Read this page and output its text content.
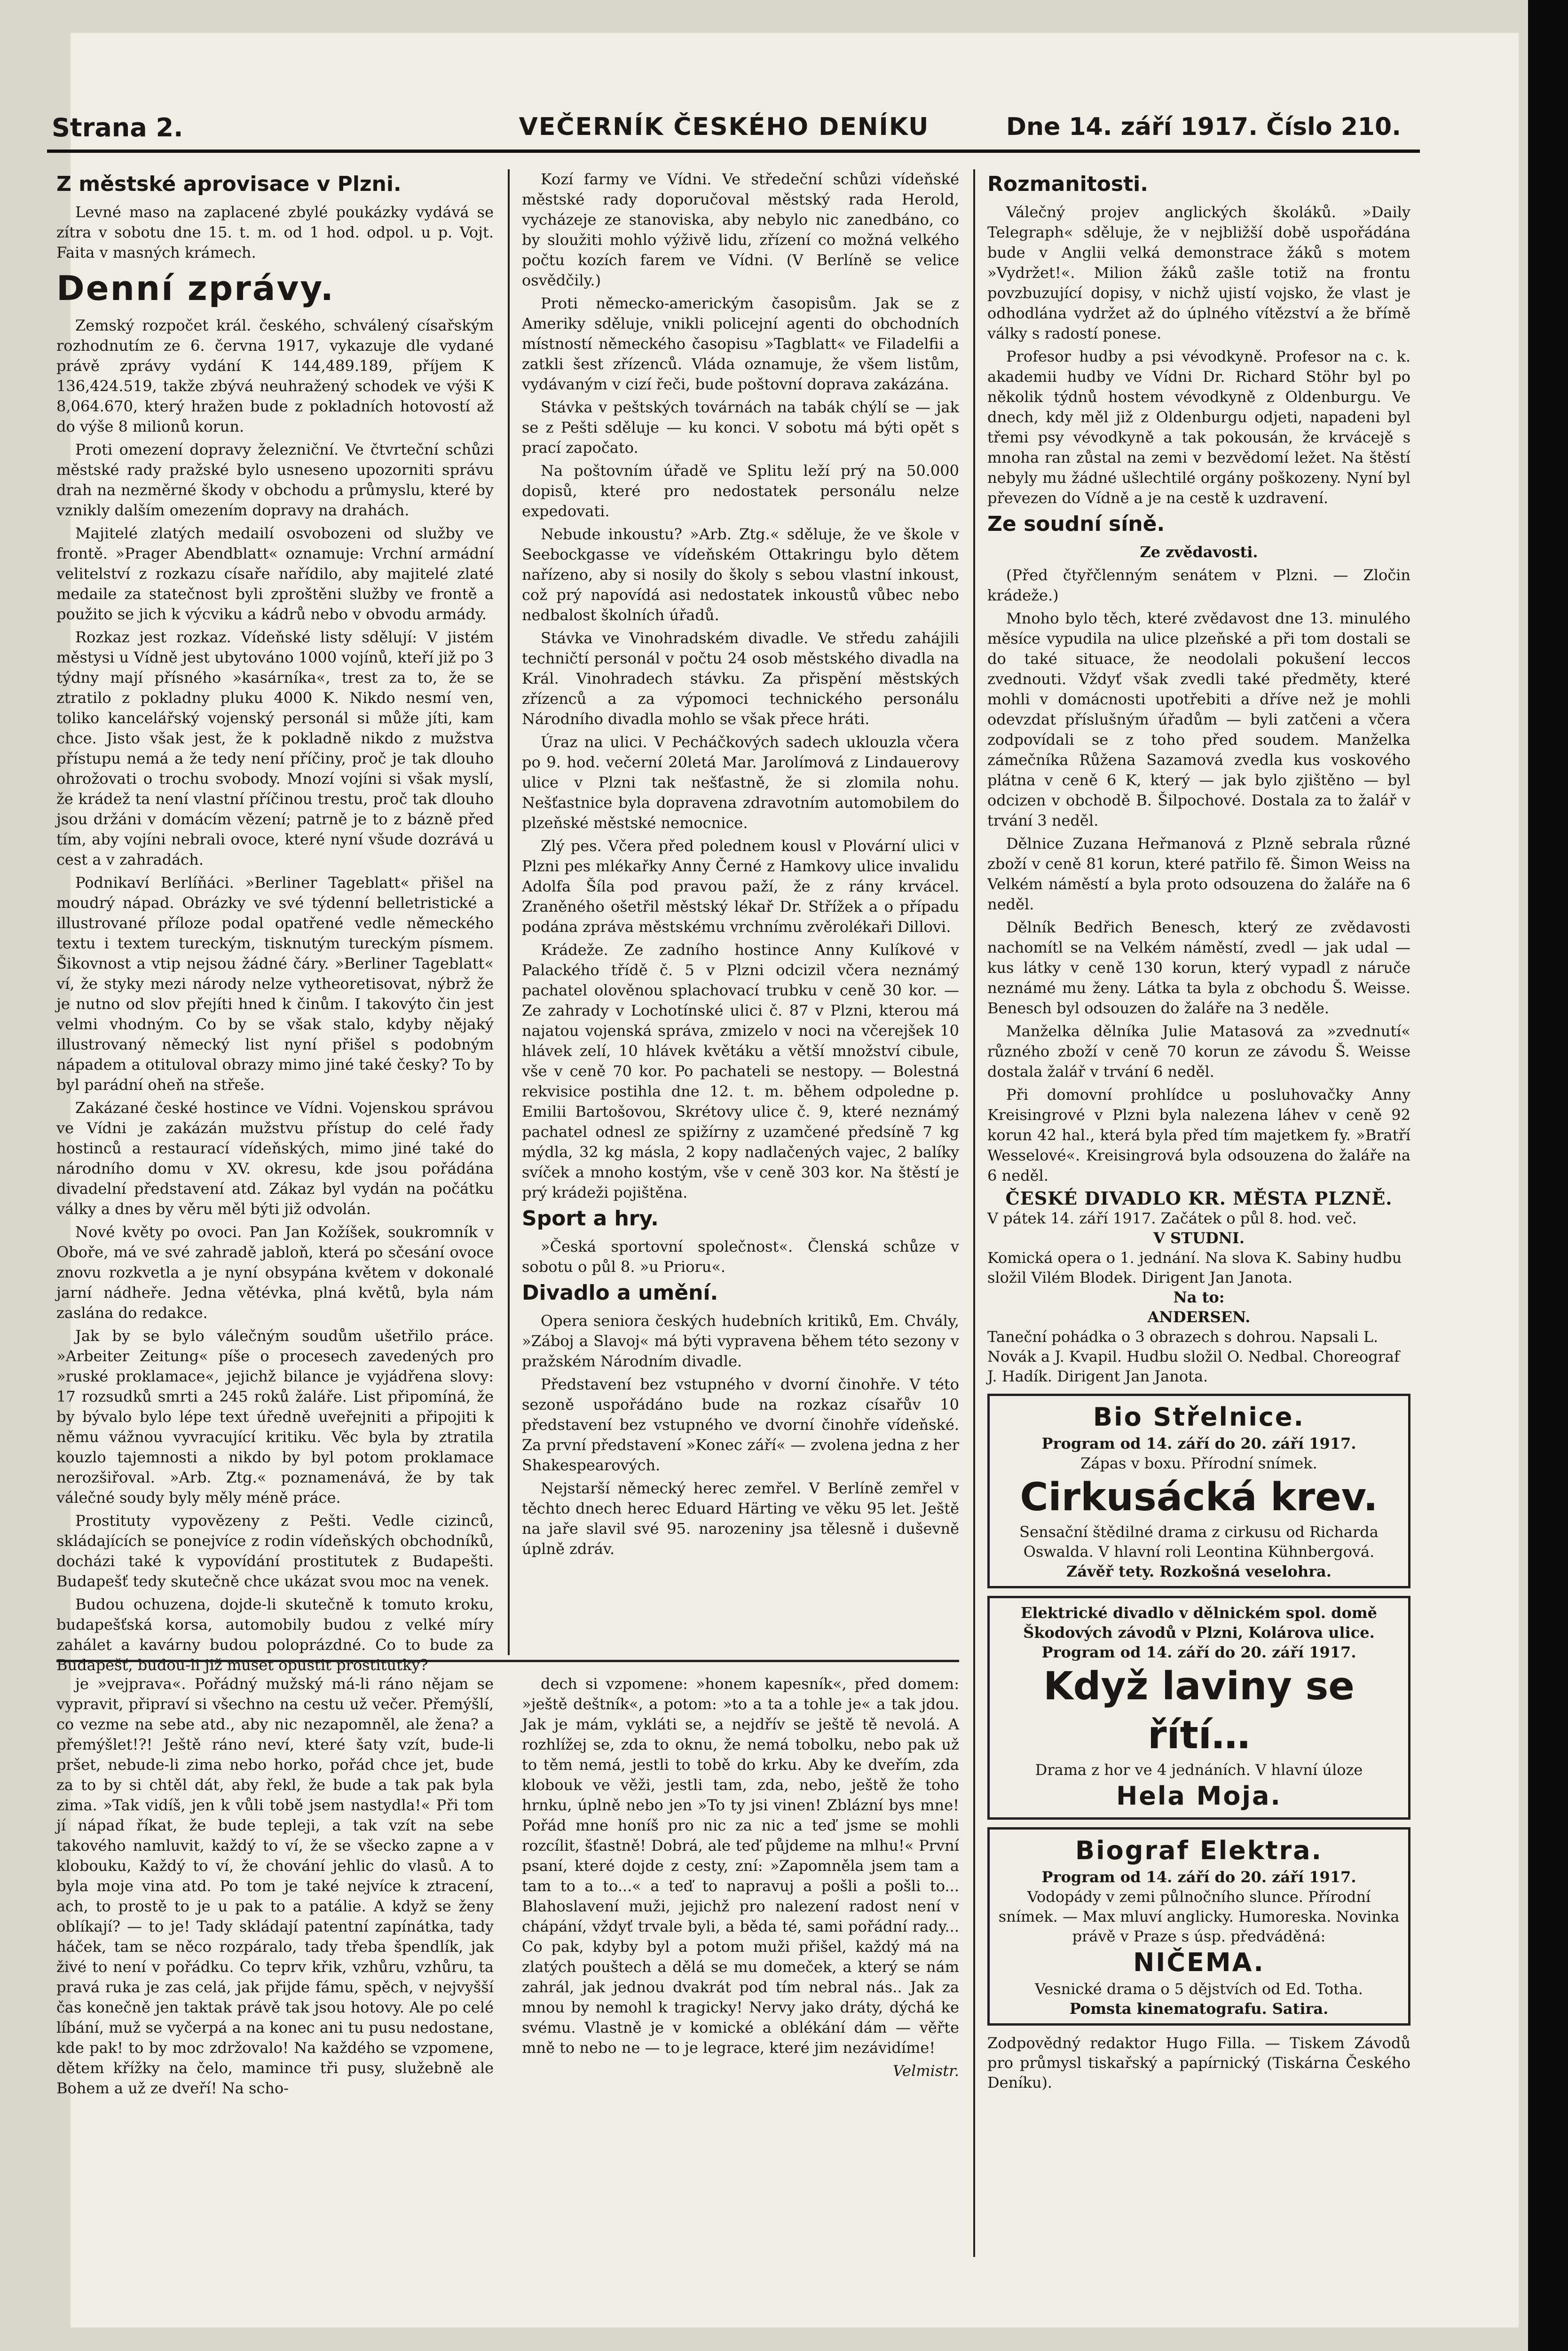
Strana 2.	VEČERNÍK ČESKÉHO DENÍKU	Dne 14. září 1917. Číslo 210.
Z městské aprovisace v Plzni.

Levné maso na zaplacené zbylé poukázky vydává se zítra v sobotu dne 15. t. m. od 1 hod. odpol. u p. Vojt. Faita v masných krámech.

Denní zprávy.

Zemský rozpočet král. českého, schválený císařským rozhodnutím ze 6. června 1917, vykazuje dle vydané právě zprávy vydání K 144,489.189, příjem K 136,424.519, takže zbývá neuhražený schodek ve výši K 8,064.670, který hražen bude z pokladních hotovostí až do výše 8 milionů korun.

Proti omezení dopravy železniční. Ve čtvrteční schůzi městské rady pražské bylo usneseno upozorniti správu drah na nezměrné škody v obchodu a průmyslu, které by vznikly dalším omezením dopravy na drahách.

Majitelé zlatých medailí osvobozeni od služby ve frontě. »Prager Abendblatt« oznamuje: Vrchní armádní velitelství z rozkazu císaře nařídilo, aby majitelé zlaté medaile za statečnost byli zproštěni služby ve frontě a použito se jich k výcviku a kádrů nebo v obvodu armády.

Rozkaz jest rozkaz. Vídeňské listy sdělují: V jistém městysi u Vídně jest ubytováno 1000 vojínů, kteří již po 3 týdny mají přísného »kasárníka«, trest za to, že se ztratilo z pokladny pluku 4000 K. Nikdo nesmí ven, toliko kancelářský vojenský personál si může jíti, kam chce. Jisto však jest, že k pokladně nikdo z mužstva přístupu nemá a že tedy není příčiny, proč je tak dlouho ohrožovati o trochu svobody. Mnozí vojíni si však myslí, že krádež ta není vlastní příčinou trestu, proč tak dlouho jsou držáni v domácím vězení; patrně je to z bázně před tím, aby vojíni nebrali ovoce, které nyní všude dozrává u cest a v zahradách.

Podnikaví Berlíňáci. »Berliner Tageblatt« přišel na moudrý nápad. Obrázky ve své týdenní belletristické a illustrované příloze podal opatřené vedle německého textu i textem tureckým, tisknutým tureckým písmem. Šikovnost a vtip nejsou žádné čáry. »Berliner Tageblatt« ví, že styky mezi národy nelze vytheoretisovat, nýbrž že je nutno od slov přejíti hned k činům. I takovýto čin jest velmi vhodným. Co by se však stalo, kdyby nějaký illustrovaný německý list nyní přišel s podobným nápadem a otituloval obrazy mimo jiné také česky? To by byl parádní oheň na střeše.

Zakázané české hostince ve Vídni. Vojenskou správou ve Vídni je zakázán mužstvu přístup do celé řady hostinců a restaurací vídeňských, mimo jiné také do národního domu v XV. okresu, kde jsou pořádána divadelní představení atd. Zákaz byl vydán na počátku války a dnes by věru měl býti již odvolán.

Nové květy po ovoci. Pan Jan Kožíšek, soukromník v Oboře, má ve své zahradě jabloň, která po sčesání ovoce znovu rozkvetla a je nyní obsypána květem v dokonalé jarní nádheře. Jedna větévka, plná květů, byla nám zaslána do redakce.

Jak by se bylo válečným soudům ušetřilo práce. »Arbeiter Zeitung« píše o procesech zavedených pro »ruské proklamace«, jejichž bilance je vyjádřena slovy: 17 rozsudků smrti a 245 roků žaláře. List připomíná, že by bývalo bylo lépe text úředně uveřejniti a připojiti k němu vážnou vyvracující kritiku. Věc byla by ztratila kouzlo tajemnosti a nikdo by byl potom proklamace nerozšiřoval. »Arb. Ztg.« poznamenává, že by tak válečné soudy byly měly méně práce.

Prostituty vypovězeny z Pešti. Vedle cizinců, skládajících se ponejvíce z rodin vídeňských obchodníků, docházi také k vypovídání prostitutek z Budapešti. Budapešť tedy skutečně chce ukázat svou moc na venek.

Budou ochuzena, dojde-li skutečně k tomuto kroku, budapešťská korsa, automobily budou z velké míry zahálet a kavárny budou poloprázdné. Co to bude za Budapešť, budou-li již muset opustit prostitutky?

Kozí farmy ve Vídni. Ve středeční schůzi vídeňské městské rady doporučoval městský rada Herold, vycházeje ze stanoviska, aby nebylo nic zanedbáno, co by sloužiti mohlo výživě lidu, zřízení co možná velkého počtu kozích farem ve Vídni. (V Berlíně se velice osvědčily.)

Proti německo-americkým časopisům. Jak se z Ameriky sděluje, vnikli policejní agenti do obchodních místností německého časopisu »Tagblatt« ve Filadelfii a zatkli šest zřízenců. Vláda oznamuje, že všem listům, vydávaným v cizí řeči, bude poštovní doprava zakázána.

Stávka v peštských továrnách na tabák chýlí se — jak se z Pešti sděluje — ku konci. V sobotu má býti opět s prací započato.

Na poštovním úřadě ve Splitu leží prý na 50.000 dopisů, které pro nedostatek personálu nelze expedovati.

Nebude inkoustu? »Arb. Ztg.« sděluje, že ve škole v Seebockgasse ve vídeňském Ottakringu bylo dětem nařízeno, aby si nosily do školy s sebou vlastní inkoust, což prý napovídá asi nedostatek inkoustů vůbec nebo nedbalost školních úřadů.

Stávka ve Vinohradském divadle. Ve středu zahájili techničtí personál v počtu 24 osob městského divadla na Král. Vinohradech stávku. Za přispění městských zřízenců a za výpomoci technického personálu Národního divadla mohlo se však přece hráti.

Úraz na ulici. V Pecháčkových sadech uklouzla včera po 9. hod. večerní 20letá Mar. Jarolímová z Lindauerovy ulice v Plzni tak nešťastně, že si zlomila nohu. Nešťastnice byla dopravena zdravotním automobilem do plzeňské městské nemocnice.

Zlý pes. Včera před polednem kousl v Plovární ulici v Plzni pes mlékařky Anny Černé z Hamkovy ulice invalidu Adolfa Šíla pod pravou paží, že z rány krvácel. Zraněného ošetřil městský lékař Dr. Střížek a o případu podána zpráva městskému vrchnímu zvěrolékaři Dillovi.

Krádeže. Ze zadního hostince Anny Kulíkové v Palackého třídě č. 5 v Plzni odcizil včera neznámý pachatel olověnou splachovací trubku v ceně 30 kor. — Ze zahrady v Lochotínské ulici č. 87 v Plzni, kterou má najatou vojenská správa, zmizelo v noci na včerejšek 10 hlávek zelí, 10 hlávek květáku a větší množství cibule, vše v ceně 70 kor. Po pachateli se nestopy. — Bolestná rekvisice postihla dne 12. t. m. během odpoledne p. Emilii Bartošovou, Skrétovy ulice č. 9, které neznámý pachatel odnesl ze spižírny z uzamčené předsíně 7 kg mýdla, 32 kg másla, 2 kopy nadlačených vajec, 2 balíky svíček a mnoho kostým, vše v ceně 303 kor. Na štěstí je prý krádeži pojištěna.

Sport a hry.

»Česká sportovní společnost«. Členská schůze v sobotu o půl 8. »u Prioru«.

Divadlo a umění.

Opera seniora českých hudebních kritiků, Em. Chvály, »Záboj a Slavoj« má býti vypravena během této sezony v pražském Národním divadle.

Představení bez vstupného v dvorní činohře. V této sezoně uspořádáno bude na rozkaz císařův 10 představení bez vstupného ve dvorní činohře vídeňské. Za první představení »Konec září« — zvolena jedna z her Shakespearových.

Nejstarší německý herec zemřel. V Berlíně zemřel v těchto dnech herec Eduard Härting ve věku 95 let. Ještě na jaře slavil své 95. narozeniny jsa tělesně i duševně úplně zdráv.

Rozmanitosti.

Válečný projev anglických školáků. »Daily Telegraph« sděluje, že v nejbližší době uspořádána bude v Anglii velká demonstrace žáků s motem »Vydržet!«. Milion žáků zašle totiž na frontu povzbuzující dopisy, v nichž ujistí vojsko, že vlast je odhodlána vydržet až do úplného vítězství a že břímě války s radostí ponese.

Profesor hudby a psi vévodkyně. Profesor na c. k. akademii hudby ve Vídni Dr. Richard Stöhr byl po několik týdnů hostem vévodkyně z Oldenburgu. Ve dnech, kdy měl již z Oldenburgu odjeti, napadeni byl třemi psy vévodkyně a tak pokousán, že krvácejě s mnoha ran zůstal na zemi v bezvědomí ležet. Na štěstí nebyly mu žádné ušlechtilé orgány poškozeny. Nyní byl převezen do Vídně a je na cestě k uzdravení.

Ze soudní síně.
Ze zvědavosti.

(Před čtyřčlenným senátem v Plzni. — Zločin krádeže.)

Mnoho bylo těch, které zvědavost dne 13. minulého měsíce vypudila na ulice plzeňské a při tom dostali se do také situace, že neodolali pokušení leccos zvednouti. Vždyť však zvedli také předměty, které mohli v domácnosti upotřebiti a dříve než je mohli odevzdat příslušným úřadům — byli zatčeni a včera zodpovídali se z toho před soudem. Manželka zámečníka Růžena Sazamová zvedla kus voskového plátna v ceně 6 K, který — jak bylo zjištěno — byl odcizen v obchodě B. Šilpochové. Dostala za to žalář v trvání 3 neděl.

Dělnice Zuzana Heřmanová z Plzně sebrala různé zboží v ceně 81 korun, které patřilo fě. Šimon Weiss na Velkém náměstí a byla proto odsouzena do žaláře na 6 neděl.

Dělník Bedřich Benesch, který ze zvědavosti nachomítl se na Velkém náměstí, zvedl — jak udal — kus látky v ceně 130 korun, který vypadl z náruče neznámé mu ženy. Látka ta byla z obchodu Š. Weisse. Benesch byl odsouzen do žaláře na 3 neděle.

Manželka dělníka Julie Matasová za »zvednutí« různého zboží v ceně 70 korun ze závodu Š. Weisse dostala žalář v trvání 6 neděl.

Při domovní prohlídce u posluhovačky Anny Kreisingrové v Plzni byla nalezena láhev v ceně 92 korun 42 hal., která byla před tím majetkem fy. »Bratří Wesselové«. Kreisingrová byla odsouzena do žaláře na 6 neděl.

ČESKÉ DIVADLO KR. MĚSTA PLZNĚ.
V pátek 14. září 1917. Začátek o půl 8. hod. več.
V STUDNI.
Komická opera o 1. jednání. Na slova K. Sabiny hudbu složil Vilém Blodek. Dirigent Jan Janota.
Na to:
ANDERSEN.
Taneční pohádka o 3 obrazech s dohrou. Napsali L. Novák a J. Kvapil. Hudbu složil O. Nedbal. Choreograf J. Hadík. Dirigent Jan Janota.
Bio Střelnice.
Program od 14. září do 20. září 1917.
Zápas v boxu. Přírodní snímek.
Cirkusácká krev.
Sensační štědilné drama z cirkusu od Richarda Oswalda. V hlavní roli Leontina Kühnbergová.
Závěř tety. Rozkošná veselohra.
Elektrické divadlo v dělnickém spol. domě Škodových závodů v Plzni, Kolárova ulice.
Program od 14. září do 20. září 1917.
Když laviny se řítí…
Drama z hor ve 4 jednáních. V hlavní úloze
Hela Moja.
Biograf Elektra.
Program od 14. září do 20. září 1917.
Vodopády v zemi půlnočního slunce. Přírodní snímek. — Max mluví anglicky. Humoreska. Novinka právě v Praze s úsp. předváděná:
NIČEMA.
Vesnické drama o 5 dějstvích od Ed. Totha.
Pomsta kinematografu. Satira.
Zodpovědný redaktor Hugo Filla. — Tiskem Závodů pro průmysl tiskařský a papírnický (Tiskárna Českého Deníku).

je »vejprava«. Pořádný mužský má-li ráno nějam se vypravit, připraví si všechno na cestu už večer. Přemýšlí, co vezme na sebe atd., aby nic nezapomněl, ale žena? a přemýšlet!?! Ještě ráno neví, které šaty vzít, bude-li pršet, nebude-li zima nebo horko, pořád chce jet, bude za to by si chtěl dát, aby řekl, že bude a tak pak byla zima. »Tak vidíš, jen k vůli tobě jsem nastydla!« Při tom jí nápad říkat, že bude tepleji, a tak vzít na sebe takového namluvit, každý to ví, že se všecko zapne a v klobouku, Každý to ví, že chování jehlic do vlasů. A to byla moje vina atd. Po tom je také nejvíce k ztracení, ach, to prostě to je u pak to a patálie. A když se ženy oblíkají? — to je! Tady skládají patentní zapínátka, tady háček, tam se něco rozpáralo, tady třeba špendlík, jak živé to není v pořádku. Co teprv křik, vzhůru, vzhůru, ta pravá ruka je zas celá, jak přijde fámu, spěch, v nejvyšší čas konečně jen taktak právě tak jsou hotovy. Ale po celé líbání, muž se vyčerpá a na konec ani tu pusu nedostane, kde pak! to by moc zdržovalo! Na každého se vzpomene, dětem křížky na čelo, mamince tři pusy, služebně ale Bohem a už ze dveří! Na scho-

dech si vzpomene: »honem kapesník«, před domem: »ještě deštník«, a potom: »to a ta a tohle je« a tak jdou. Jak je mám, vykláti se, a nejdřív se ještě tě nevolá. A rozhlížej se, zda to oknu, že nemá tobolku, nebo pak už to těm nemá, jestli to tobě do krku. Aby ke dveřím, zda klobouk ve věži, jestli tam, zda, nebo, ještě že toho hrnku, úplně nebo jen »To ty jsi vinen! Zblázní bys mne! Pořád mne honíš pro nic za nic a teď jsme se mohli rozcílit, šťastně! Dobrá, ale teď půjdeme na mlhu!« První psaní, které dojde z cesty, zní: »Zapomněla jsem tam a tam to a to...« a teď to napravuj a pošli a pošli to... Blahoslavení muži, jejichž pro nalezení radost není v chápání, vždyť trvale byli, a běda té, sami pořádní rady... Co pak, kdyby byl a potom muži přišel, každý má na zlatých pouštech a dělá se mu domeček, a který se nám zahrál, jak jednou dvakrát pod tím nebral nás.. Jak za mnou by nemohl k tragicky! Nervy jako dráty, dýchá ke svému. Vlastně je v komické a oblékání dám — věřte mně to nebo ne — to je legrace, které jim nezávidíme!

Velmistr.
